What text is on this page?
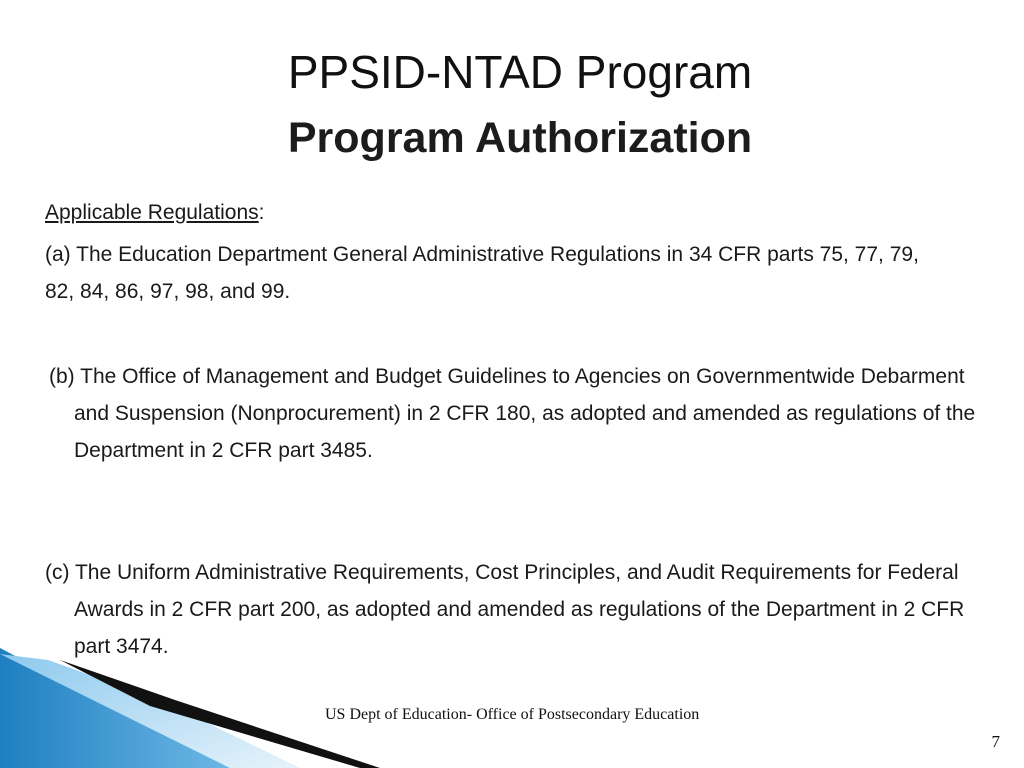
PPSID-NTAD Program
Program Authorization
Applicable Regulations:
(a) The Education Department General Administrative Regulations in 34 CFR parts 75, 77, 79, 82, 84, 86, 97, 98, and 99.
(b) The Office of Management and Budget Guidelines to Agencies on Governmentwide Debarment and Suspension (Nonprocurement) in 2 CFR 180, as adopted and amended as regulations of the Department in 2 CFR part 3485.
(c) The Uniform Administrative Requirements, Cost Principles, and Audit Requirements for Federal Awards in 2 CFR part 200, as adopted and amended as regulations of the Department in 2 CFR part 3474.
US Dept of Education- Office of Postsecondary Education
7
